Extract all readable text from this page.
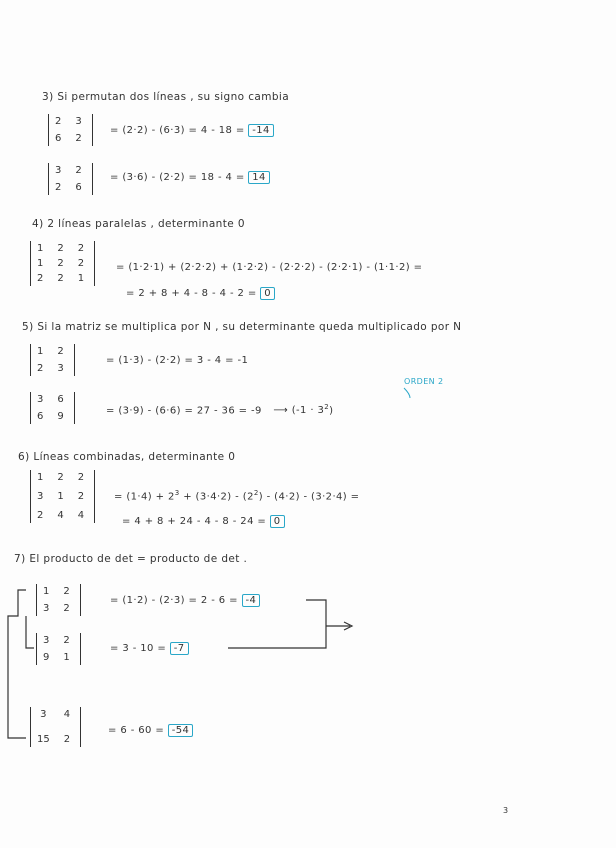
3) Si permutan dos líneas , su signo cambia
2 3
6 2
= (2·2) - (6·3) = 4 - 18 = -14
3 2
2 6
= (3·6) - (2·2) = 18 - 4 = 14
4) 2 líneas paralelas , determinante 0
1 2 2
1 2 2
2 2 1
= (1·2·1) + (2·2·2) + (1·2·2) - (2·2·2) - (2·2·1) - (1·1·2) =
= 2 + 8 + 4 - 8 - 4 - 2 = 0
5) Si la matriz se multiplica por N , su determinante queda multiplicado por N
1 2
2 3
= (1·3) - (2·2) = 3 - 4 = -1
3 6
6 9
= (3·9) - (6·6) = 27 - 36 = -9 ⟶ $(-1 \cdot 3^2)$
ORDEN 2
6) Líneas combinadas, determinante 0
1 2 2
3 1 2
2 4 4
= $(1\cdot 4) + 2^3 + (3\cdot 4\cdot 2) - (2^2) - (4\cdot 2) - (3\cdot 2\cdot 4)$ =
= 4 + 8 + 24 - 4 - 8 - 24 = 0
7) El producto de det = producto de det .
1 2
3 2
= (1·2) - (2·3) = 2 - 6 = -4
3 2
9 1
= 3 - 10 = -7
3	4
15 2
= 6 - 60 = -54
3
